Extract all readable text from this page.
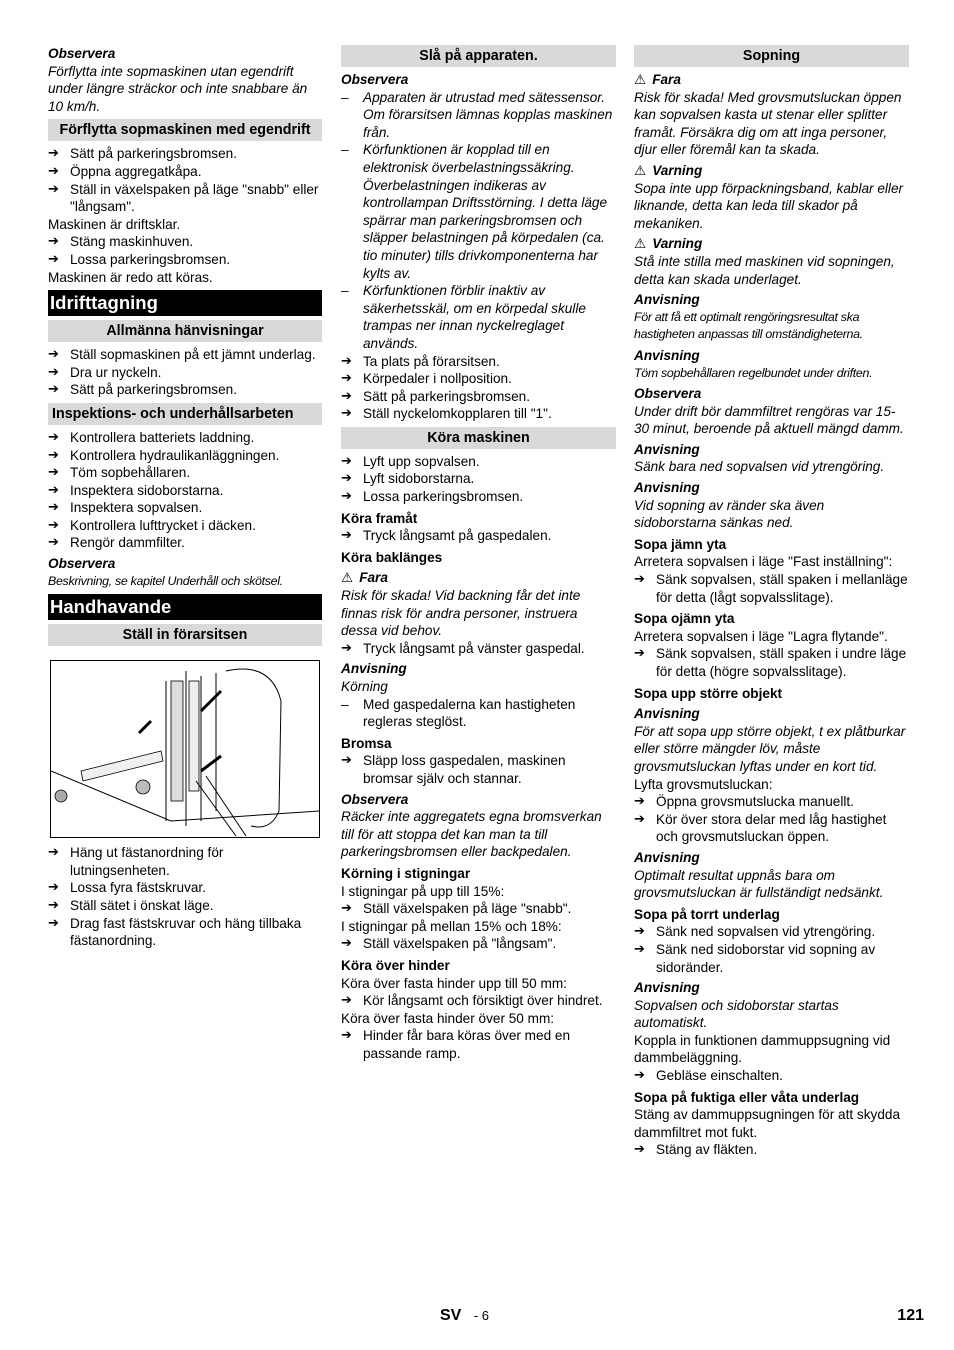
Observera

Förflytta inte sopmaskinen utan egendrift under längre sträckor och inte snabbare än 10 km/h.

Förflytta sopmaskinen med egendrift
➔ Sätt på parkeringsbromsen.
➔ Öppna aggregatkåpa.
➔ Ställ in växelspaken på läge "snabb" eller "långsam".

Maskinen är driftsklar.

➔ Stäng maskinhuven.
➔ Lossa parkeringsbromsen.

Maskinen är redo att köras.

Idrifttagning
Allmänna hänvisningar
➔ Ställ sopmaskinen på ett jämnt underlag.
➔ Dra ur nyckeln.
➔ Sätt på parkeringsbromsen.
Inspektions- och underhållsarbeten
➔ Kontrollera batteriets laddning.
➔ Kontrollera hydraulikanläggningen.
➔ Töm sopbehållaren.
➔ Inspektera sidoborstarna.
➔ Inspektera sopvalsen.
➔ Kontrollera lufttrycket i däcken.
➔ Rengör dammfilter.
Observera

Beskrivning, se kapitel Underhåll och skötsel.

Handhavande
Ställ in förarsitsen
➔ Häng ut fästanordning för lutningsenheten.
➔ Lossa fyra fästskruvar.
➔ Ställ sätet i önskat läge.
➔ Drag fast fästskruvar och häng tillbaka fästanordning.
Slå på apparaten.
Observera
– Apparaten är utrustad med sätessensor. Om förarsitsen lämnas kopplas maskinen från.
– Körfunktionen är kopplad till en elektronisk överbelastningssäkring. Överbelastningen indikeras av kontrollampan Driftsstörning. I detta läge spärrar man parkeringsbromsen och släpper belastningen på körpedalen (ca. tio minuter) tills drivkomponenterna har kylts av.
– Körfunktionen förblir inaktiv av säkerhetsskäl, om en körpedal skulle trampas ner innan nyckelreglaget används.
➔ Ta plats på förarsitsen.
➔ Körpedaler i nollposition.
➔ Sätt på parkeringsbromsen.
➔ Ställ nyckelomkopplaren till "1".
Köra maskinen
➔ Lyft upp sopvalsen.
➔ Lyft sidoborstarna.
➔ Lossa parkeringsbromsen.
Köra framåt
➔ Tryck långsamt på gaspedalen.
Köra baklänges
⚠ Fara

Risk för skada! Vid backning får det inte finnas risk för andra personer, instruera dessa vid behov.

➔ Tryck långsamt på vänster gaspedal.
Anvisning

Körning

– Med gaspedalerna kan hastigheten regleras steglöst.
Bromsa
➔ Släpp loss gaspedalen, maskinen bromsar själv och stannar.
Observera

Räcker inte aggregatets egna bromsverkan till för att stoppa det kan man ta till parkeringsbromsen eller backpedalen.

Körning i stigningar

I stigningar på upp till 15%:

➔ Ställ växelspaken på läge "snabb".

I stigningar på mellan 15% och 18%:

➔ Ställ växelspaken på "långsam".
Köra över hinder

Köra över fasta hinder upp till 50 mm:

➔ Kör långsamt och försiktigt över hindret.

Köra över fasta hinder över 50 mm:

➔ Hinder får bara köras över med en passande ramp.
Sopning
⚠ Fara

Risk för skada! Med grovsmutsluckan öppen kan sopvalsen kasta ut stenar eller splitter framåt. Försäkra dig om att inga personer, djur eller föremål kan ta skada.

⚠ Varning

Sopa inte upp förpackningsband, kablar eller liknande, detta kan leda till skador på mekaniken.

⚠ Varning

Stå inte stilla med maskinen vid sopningen, detta kan skada underlaget.

Anvisning

För att få ett optimalt rengöringsresultat ska hastigheten anpassas till omständigheterna.

Anvisning

Töm sopbehållaren regelbundet under driften.

Observera

Under drift bör dammfiltret rengöras var 15-30 minut, beroende på aktuell mängd damm.

Anvisning

Sänk bara ned sopvalsen vid ytrengöring.

Anvisning

Vid sopning av ränder ska även sidoborstarna sänkas ned.

Sopa jämn yta

Arretera sopvalsen i läge "Fast inställning":

➔ Sänk sopvalsen, ställ spaken i mellanläge för detta (lågt sopvalsslitage).
Sopa ojämn yta

Arretera sopvalsen i läge "Lagra flytande".

➔ Sänk sopvalsen, ställ spaken i undre läge för detta (högre sopvalsslitage).
Sopa upp större objekt
Anvisning

För att sopa upp större objekt, t ex plåtburkar eller större mängder löv, måste grovsmutsluckan lyftas under en kort tid.

Lyfta grovsmutsluckan:

➔ Öppna grovsmutslucka manuellt.
➔ Kör över stora delar med låg hastighet och grovsmutsluckan öppen.
Anvisning

Optimalt resultat uppnås bara om grovsmutsluckan är fullständigt nedsänkt.

Sopa på torrt underlag
➔ Sänk ned sopvalsen vid ytrengöring.
➔ Sänk ned sidoborstar vid sopning av sidoränder.
Anvisning

Sopvalsen och sidoborstar startas automatiskt.

Koppla in funktionen dammuppsugning vid dammbeläggning.

➔ Gebläse einschalten.
Sopa på fuktiga eller våta underlag

Stäng av dammuppsugningen för att skydda dammfiltret mot fukt.

➔ Stäng av fläkten.
SV - 6	121
